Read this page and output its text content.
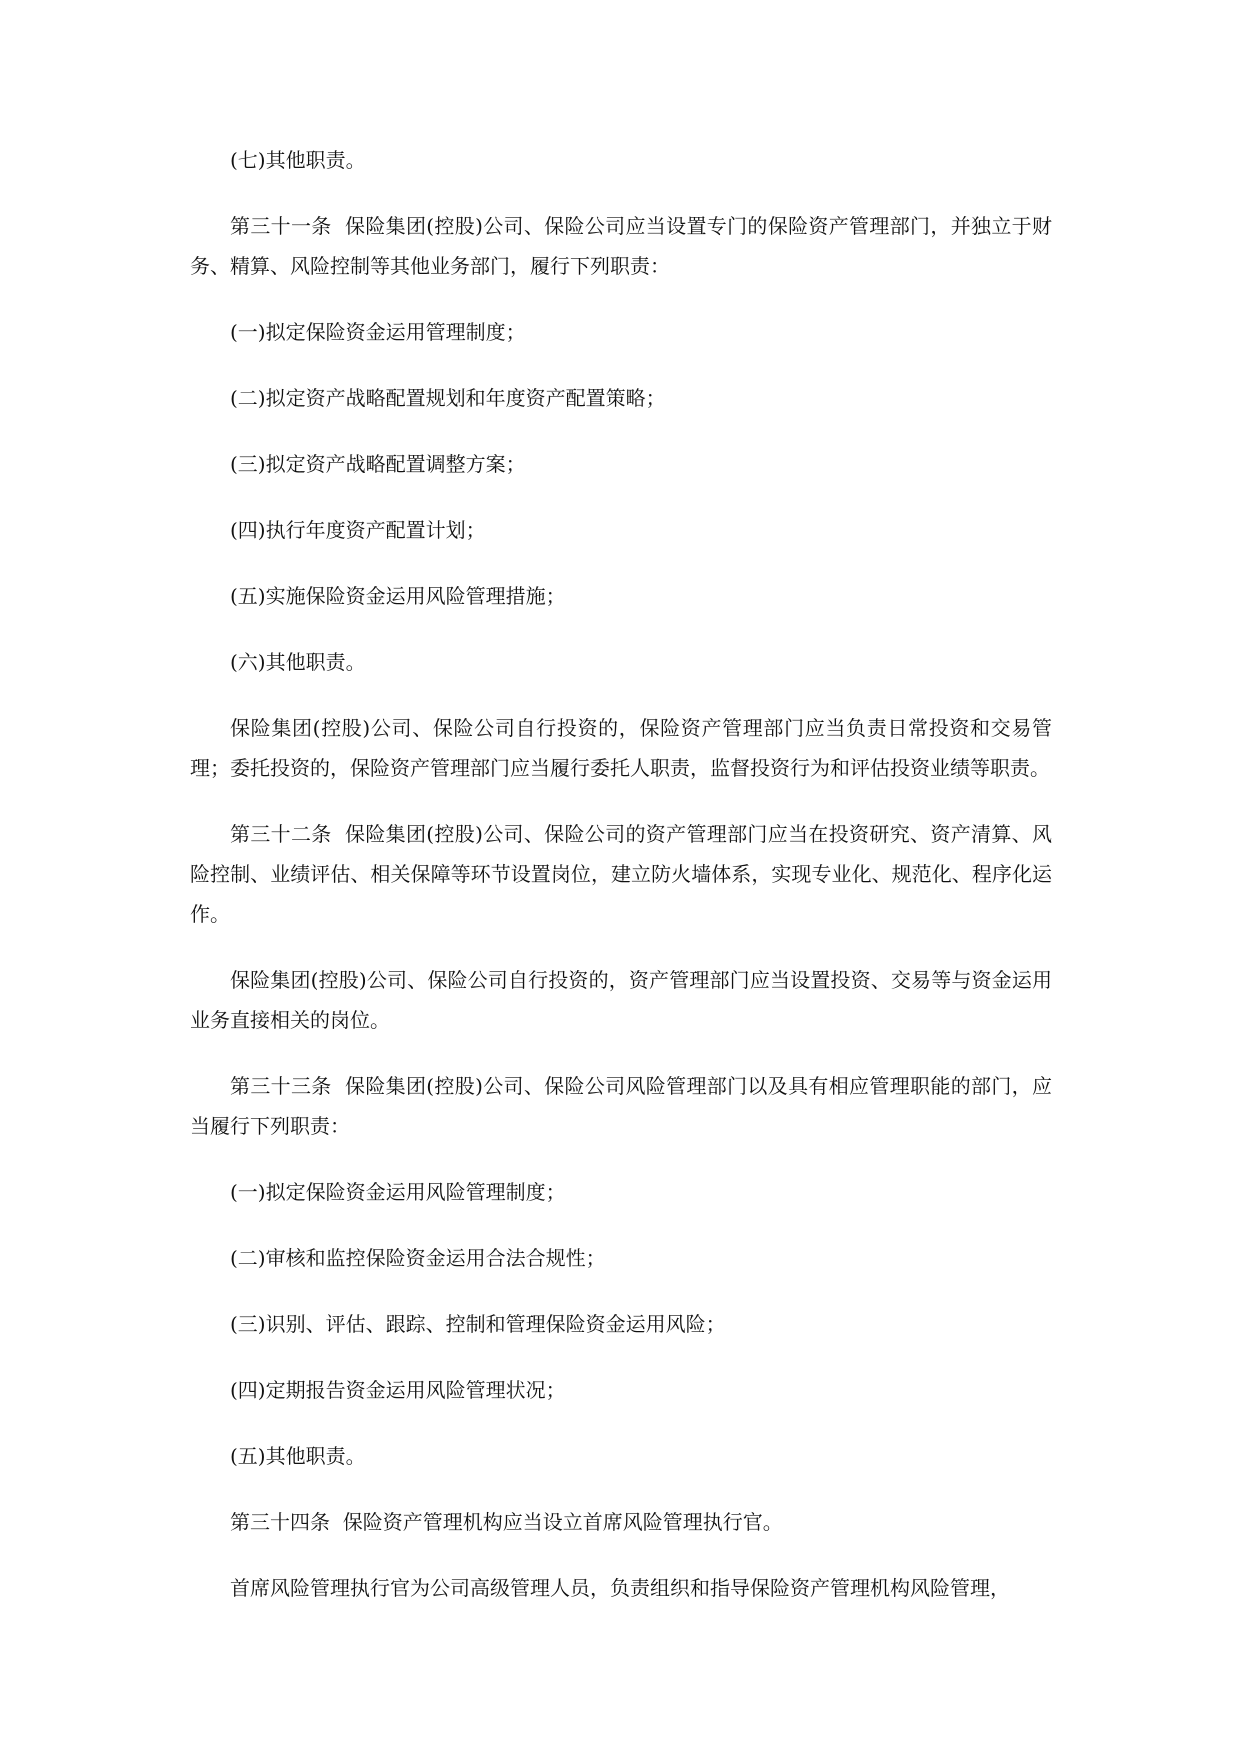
(七)其他职责。

第三十一条  保险集团(控股)公司、保险公司应当设置专门的保险资产管理部门，并独立于财务、精算、风险控制等其他业务部门，履行下列职责：

(一)拟定保险资金运用管理制度；

(二)拟定资产战略配置规划和年度资产配置策略；

(三)拟定资产战略配置调整方案；

(四)执行年度资产配置计划；

(五)实施保险资金运用风险管理措施；

(六)其他职责。

保险集团(控股)公司、保险公司自行投资的，保险资产管理部门应当负责日常投资和交易管理；委托投资的，保险资产管理部门应当履行委托人职责，监督投资行为和评估投资业绩等职责。

第三十二条  保险集团(控股)公司、保险公司的资产管理部门应当在投资研究、资产清算、风险控制、业绩评估、相关保障等环节设置岗位，建立防火墙体系，实现专业化、规范化、程序化运作。

保险集团(控股)公司、保险公司自行投资的，资产管理部门应当设置投资、交易等与资金运用业务直接相关的岗位。

第三十三条  保险集团(控股)公司、保险公司风险管理部门以及具有相应管理职能的部门，应当履行下列职责：

(一)拟定保险资金运用风险管理制度；

(二)审核和监控保险资金运用合法合规性；

(三)识别、评估、跟踪、控制和管理保险资金运用风险；

(四)定期报告资金运用风险管理状况；

(五)其他职责。

第三十四条  保险资产管理机构应当设立首席风险管理执行官。

首席风险管理执行官为公司高级管理人员，负责组织和指导保险资产管理机构风险管理，
